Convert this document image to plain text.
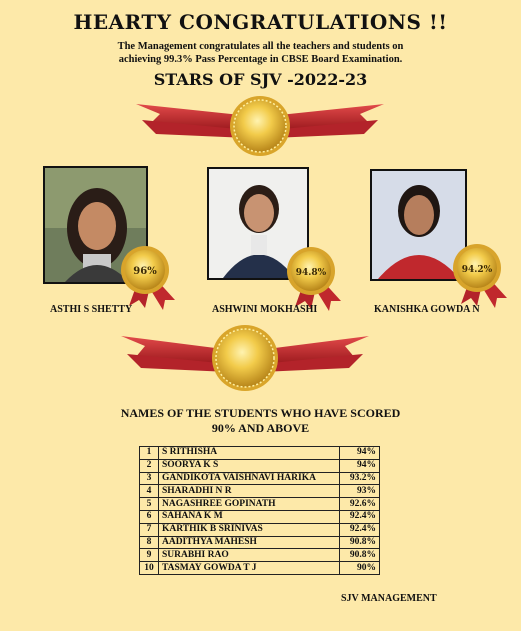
HEARTY CONGRATULATIONS !!
The Management congratulates all the teachers and students on
achieving 99.3% Pass Percentage in CBSE Board Examination.
STARS OF SJV -2022-23
96%	94.8%	94.2%
ASTHI S SHETTY	ASHWINI MOKHASHI	KANISHKA GOWDA N
NAMES OF THE STUDENTS WHO HAVE SCORED
90% AND ABOVE
1	S RITHISHA	94%
2	SOORYA K S	94%
3	GANDIKOTA VAISHNAVI HARIKA	93.2%
4	SHARADHI N R	93%
5	NAGASHREE GOPINATH	92.6%
6	SAHANA K M	92.4%
7	KARTHIK B SRINIVAS	92.4%
8	AADITHYA MAHESH	90.8%
9	SURABHI RAO	90.8%
10	TASMAY GOWDA T J	90%
SJV MANAGEMENT
